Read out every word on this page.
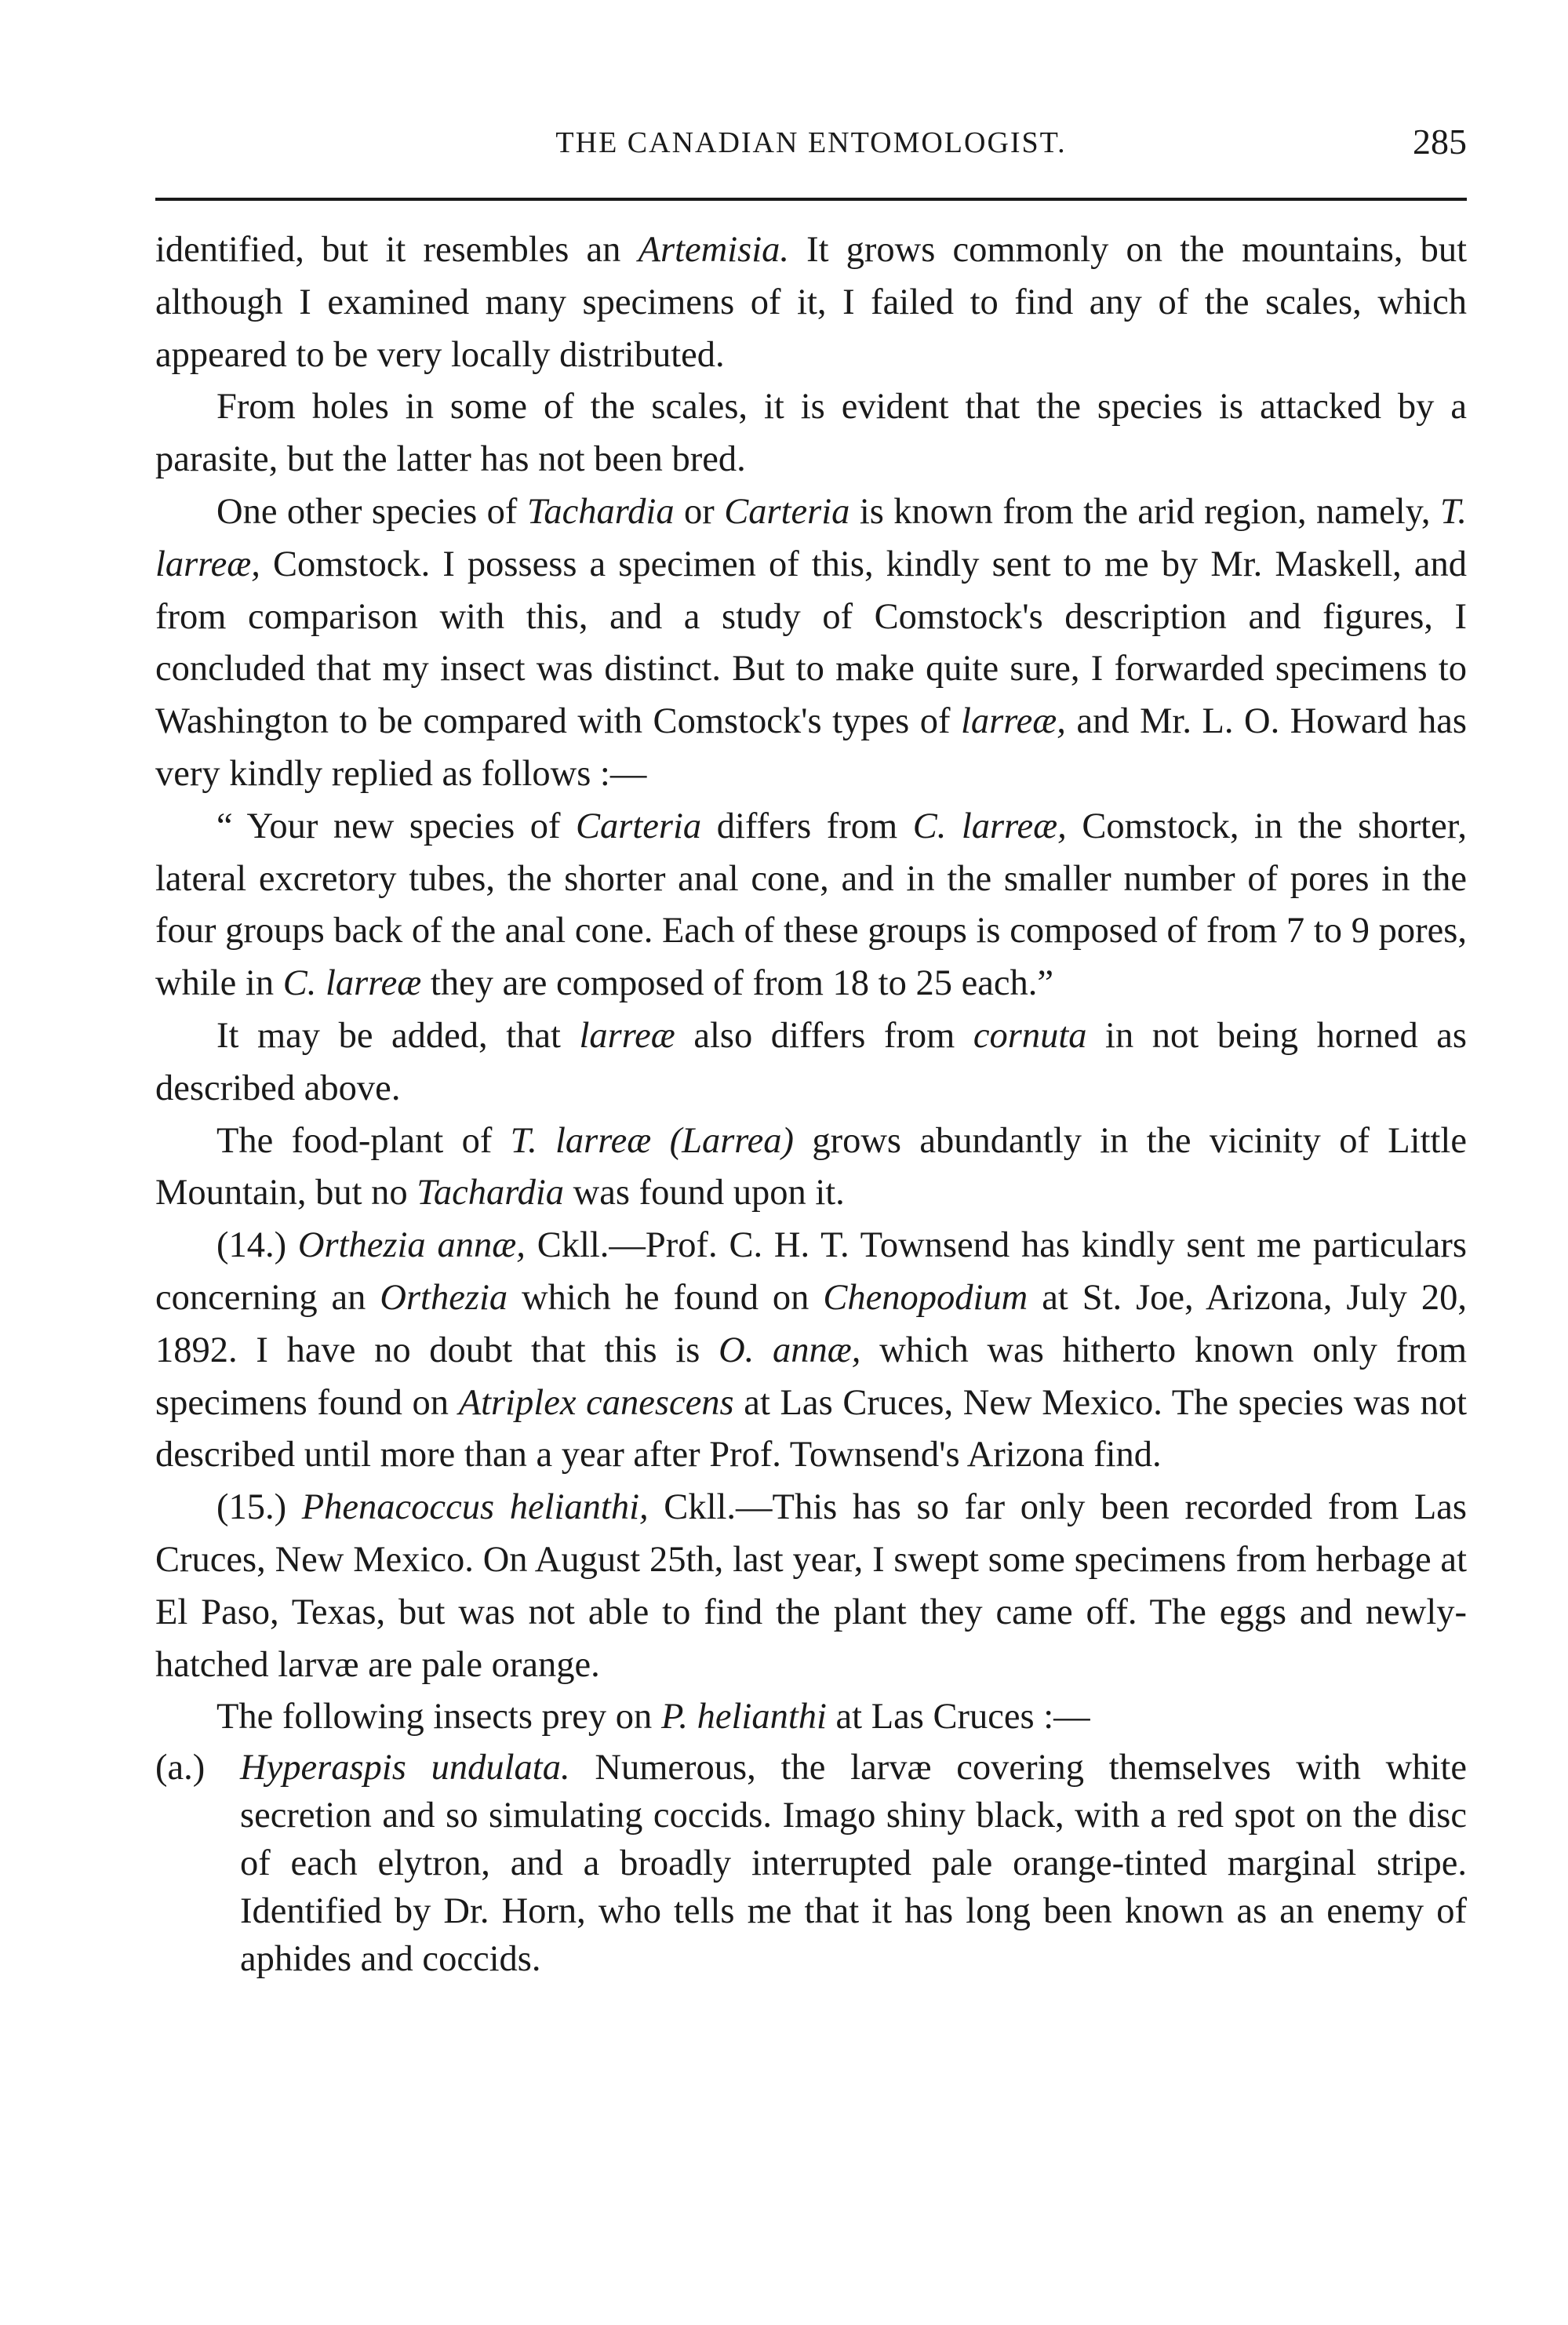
THE CANADIAN ENTOMOLOGIST.	285

identified, but it resembles an Artemisia. It grows commonly on the mountains, but although I examined many specimens of it, I failed to find any of the scales, which appeared to be very locally distributed.

From holes in some of the scales, it is evident that the species is attacked by a parasite, but the latter has not been bred.

One other species of Tachardia or Carteria is known from the arid region, namely, T. larreæ, Comstock. I possess a specimen of this, kindly sent to me by Mr. Maskell, and from comparison with this, and a study of Comstock's description and figures, I concluded that my insect was distinct. But to make quite sure, I forwarded specimens to Washington to be compared with Comstock's types of larreæ, and Mr. L. O. Howard has very kindly replied as follows :—

“ Your new species of Carteria differs from C. larreæ, Comstock, in the shorter, lateral excretory tubes, the shorter anal cone, and in the smaller number of pores in the four groups back of the anal cone. Each of these groups is composed of from 7 to 9 pores, while in C. larreæ they are composed of from 18 to 25 each.”

It may be added, that larreæ also differs from cornuta in not being horned as described above.

The food-plant of T. larreæ (Larrea) grows abundantly in the vicinity of Little Mountain, but no Tachardia was found upon it.

(14.) Orthezia annæ, Ckll.—Prof. C. H. T. Townsend has kindly sent me particulars concerning an Orthezia which he found on Chenopodium at St. Joe, Arizona, July 20, 1892. I have no doubt that this is O. annæ, which was hitherto known only from specimens found on Atriplex canescens at Las Cruces, New Mexico. The species was not described until more than a year after Prof. Townsend's Arizona find.

(15.) Phenacoccus helianthi, Ckll.—This has so far only been recorded from Las Cruces, New Mexico. On August 25th, last year, I swept some specimens from herbage at El Paso, Texas, but was not able to find the plant they came off. The eggs and newly-hatched larvæ are pale orange.

The following insects prey on P. helianthi at Las Cruces :—

(a.) Hyperaspis undulata. Numerous, the larvæ covering themselves with white secretion and so simulating coccids. Imago shiny black, with a red spot on the disc of each elytron, and a broadly interrupted pale orange-tinted marginal stripe. Identified by Dr. Horn, who tells me that it has long been known as an enemy of aphides and coccids.
